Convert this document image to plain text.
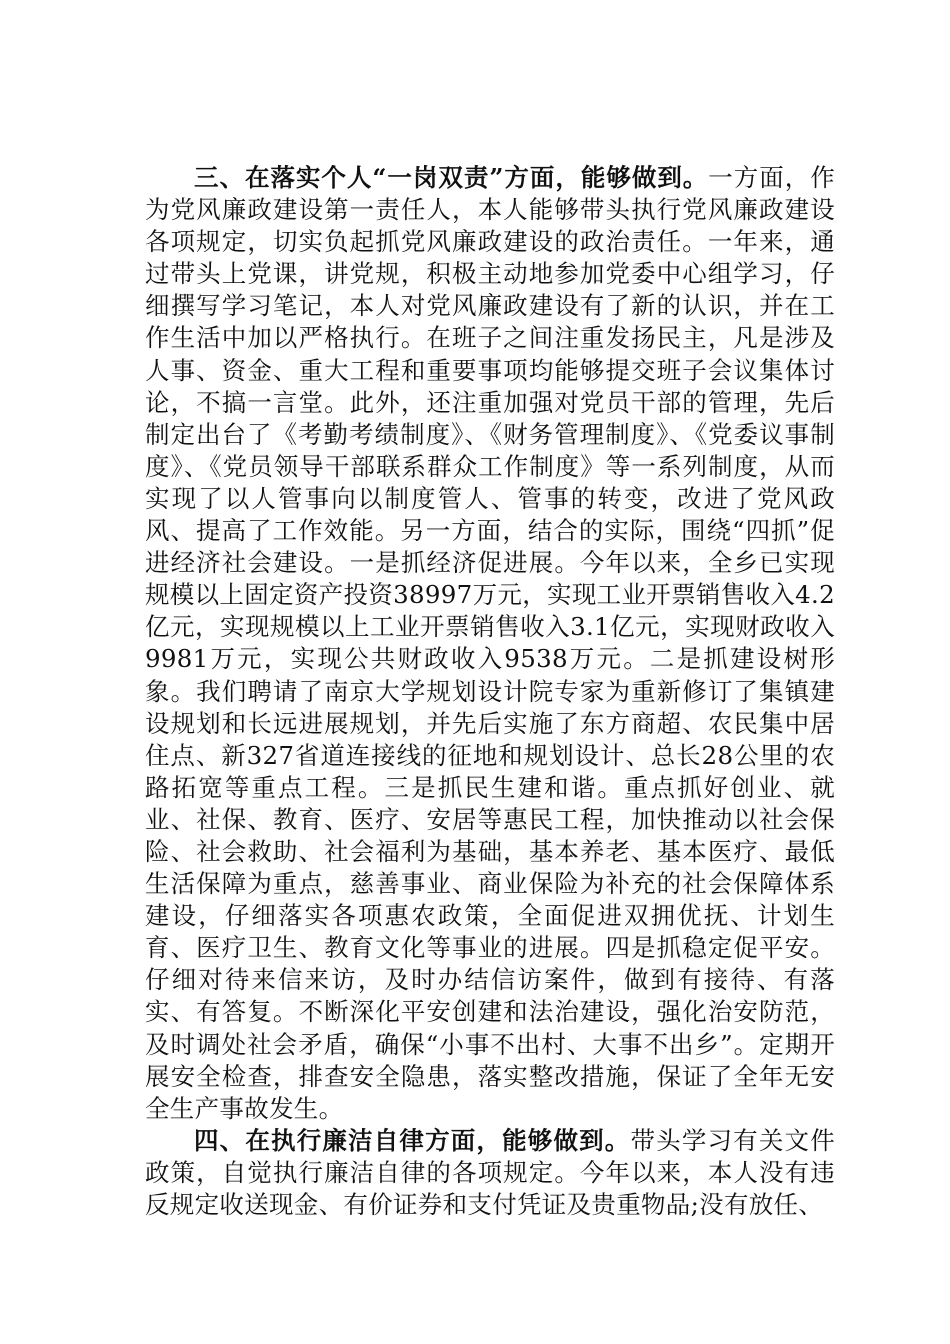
三、在落实个人“一岗双责”方面，能够做到。一方面，作为党风廉政建设第一责任人，本人能够带头执行党风廉政建设各项规定，切实负起抓党风廉政建设的政治责任。一年来，通过带头上党课，讲党规，积极主动地参加党委中心组学习，仔细撰写学习笔记，本人对党风廉政建设有了新的认识，并在工作生活中加以严格执行。在班子之间注重发扬民主，凡是涉及人事、资金、重大工程和重要事项均能够提交班子会议集体讨论，不搞一言堂。此外，还注重加强对党员干部的管理，先后制定出台了《考勤考绩制度》、《财务管理制度》、《党委议事制度》、《党员领导干部联系群众工作制度》等一系列制度，从而实现了以人管事向以制度管人、管事的转变，改进了党风政风、提高了工作效能。另一方面，结合的实际，围绕“四抓”促进经济社会建设。一是抓经济促进展。今年以来，全乡已实现规模以上固定资产投资38997万元，实现工业开票销售收入4.2亿元，实现规模以上工业开票销售收入3.1亿元，实现财政收入9981万元，实现公共财政收入9538万元。二是抓建设树形象。我们聘请了南京大学规划设计院专家为重新修订了集镇建设规划和长远进展规划，并先后实施了东方商超、农民集中居住点、新327省道连接线的征地和规划设计、总长28公里的农路拓宽等重点工程。三是抓民生建和谐。重点抓好创业、就业、社保、教育、医疗、安居等惠民工程，加快推动以社会保险、社会救助、社会福利为基础，基本养老、基本医疗、最低生活保障为重点，慈善事业、商业保险为补充的社会保障体系建设，仔细落实各项惠农政策，全面促进双拥优抚、计划生育、医疗卫生、教育文化等事业的进展。四是抓稳定促平安。仔细对待来信来访，及时办结信访案件，做到有接待、有落实、有答复。不断深化平安创建和法治建设，强化治安防范，及时调处社会矛盾，确保“小事不出村、大事不出乡”。定期开展安全检查，排查安全隐患，落实整改措施，保证了全年无安全生产事故发生。

四、在执行廉洁自律方面，能够做到。带头学习有关文件政策，自觉执行廉洁自律的各项规定。今年以来，本人没有违反规定收送现金、有价证券和支付凭证及贵重物品;没有放任、
